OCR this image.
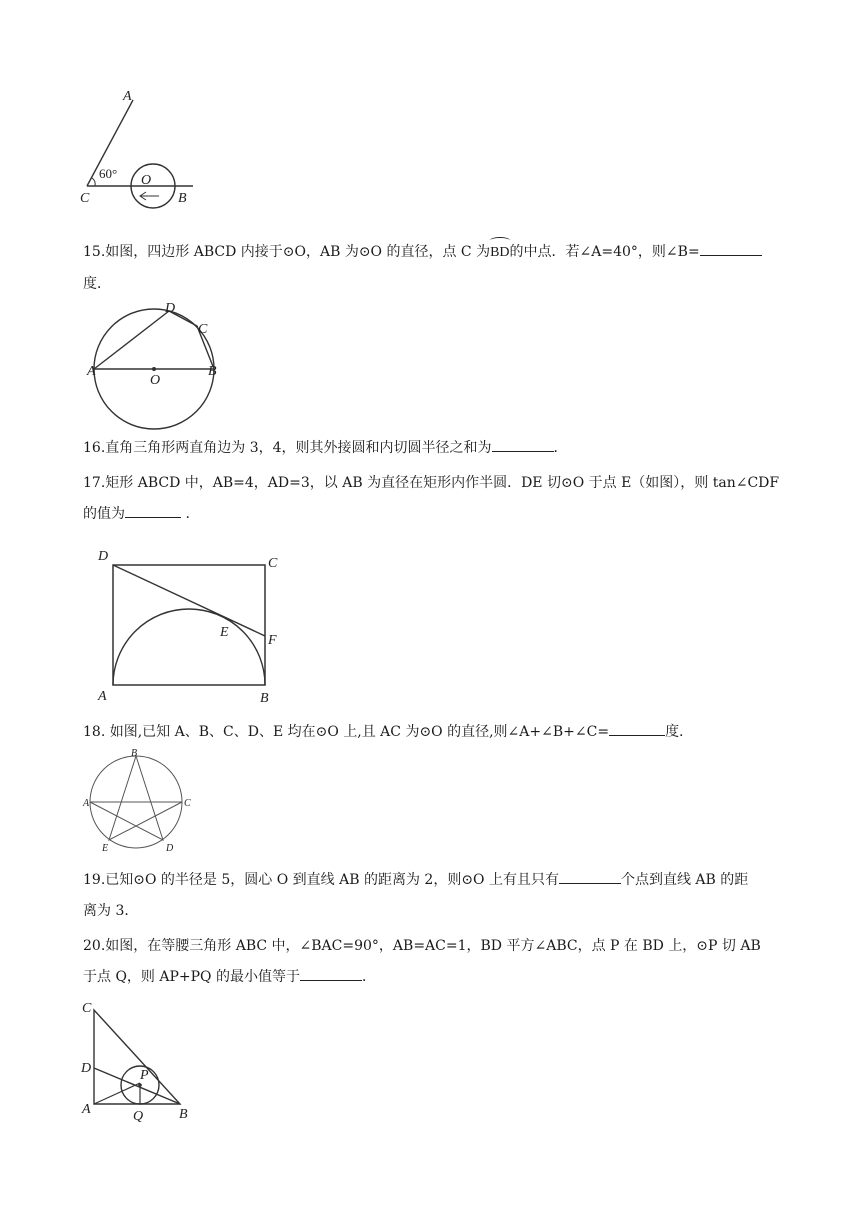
A
C	B
O
60°
15.如图，四边形 ABCD 内接于⊙O，AB 为⊙O 的直径，点 C 为BD的中点．若∠A=40°，则∠B=
度．
A	B
C
D
O
16.直角三角形两直角边为 3，4，则其外接圆和内切圆半径之和为	．
17.矩形 ABCD 中，AB=4，AD=3，以 AB 为直径在矩形内作半圆．DE 切⊙O 于点 E（如图），则 tan∠CDF
的值为	.
D	C
E
F
A	B
18. 如图,已知 A、B、C、D、E 均在⊙O 上,且 AC 为⊙O 的直径,则∠A+∠B+∠C=	度.
B
A	C
E	D
19.已知⊙O 的半径是 5，圆心 O 到直线 AB 的距离为 2，则⊙O 上有且只有	个点到直线 AB 的距
离为 3．
20.如图，在等腰三角形 ABC 中，∠BAC=90°，AB=AC=1，BD 平方∠ABC，点 P 在 BD 上，⊙P 切 AB
于点 Q，则 AP+PQ 的最小值等于	．
C
D
A	B
Q
P
